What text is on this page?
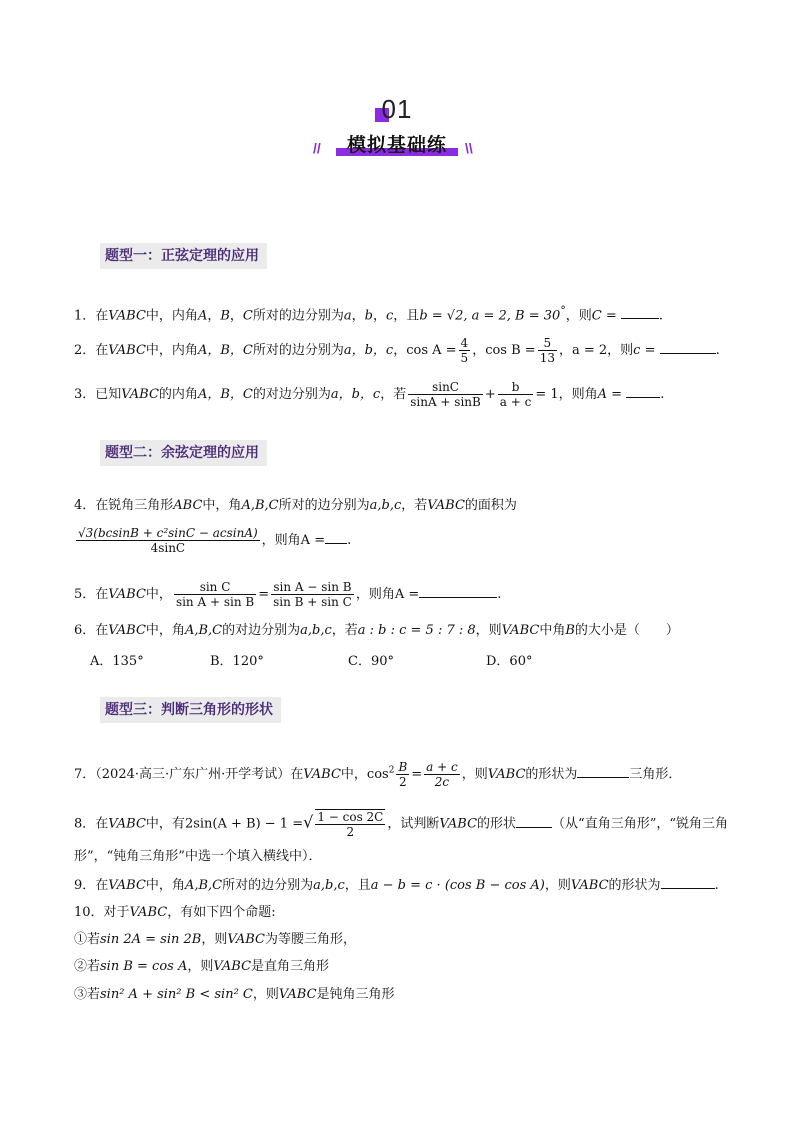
01
模拟基础练
//	\\
题型一：正弦定理的应用
1．在VABC中，内角A，B，C所对的边分别为a，b，c，且b = √2, a = 2, B = 30°，则C =	.
2．在VABC中，内角A，B，C所对的边分别为a，b，c，$\cos A = \frac{4}{5}$ ，$\cos B = \frac{5}{13}$ ，a = 2，则c =	.
3．已知VABC的内角A，B，C的对边分别为a，b，c，若 $\frac{\sin C}{\sin A + \sin B} + \frac{b}{a + c} = 1$，则角A =	.
题型二：余弦定理的应用
4．在锐角三角形ABC中，角A,B,C所对的边分别为a,b,c，若VABC的面积为
$\frac{\text{√3(bcsinB + c²sinC − acsinA)}}{4\sin C}$ ，则角A = .
5．在VABC中， $\frac{\text{sin C}}{\text{sin A + sin B}} = \frac{\text{sin A − sin B}}{\text{sin B + sin C}}$ ，则角A =	.
6．在VABC中，角A,B,C的对边分别为a,b,c，若a : b : c = 5 : 7 : 8，则VABC中角B的大小是（　　）
A．135°	B．120°	C．90°	D．60°
题型三：判断三角形的形状
7．（2024·高三·广东广州·开学考试）在VABC中，$\cos^2 \frac{B}{2} = \frac{a + c}{2c}$ ，则VABC的形状为	三角形．
8．在VABC中，有2sin(A + B) − 1 =√ $\frac{1 - \cos 2C}{2}$ ，试判断VABC的形状	（从“直角三角形”，“锐角三角
形”，“钝角三角形”中选一个填入横线中）．
9．在VABC中，角A,B,C所对的边分别为a,b,c，且a − b = c · (cos B − cos A)，则VABC的形状为	.
10．对于VABC，有如下四个命题:
①若sin 2A = sin 2B，则VABC为等腰三角形，
②若sin B = cos A，则VABC是直角三角形
③若sin² A + sin² B < sin² C，则VABC是钝角三角形
